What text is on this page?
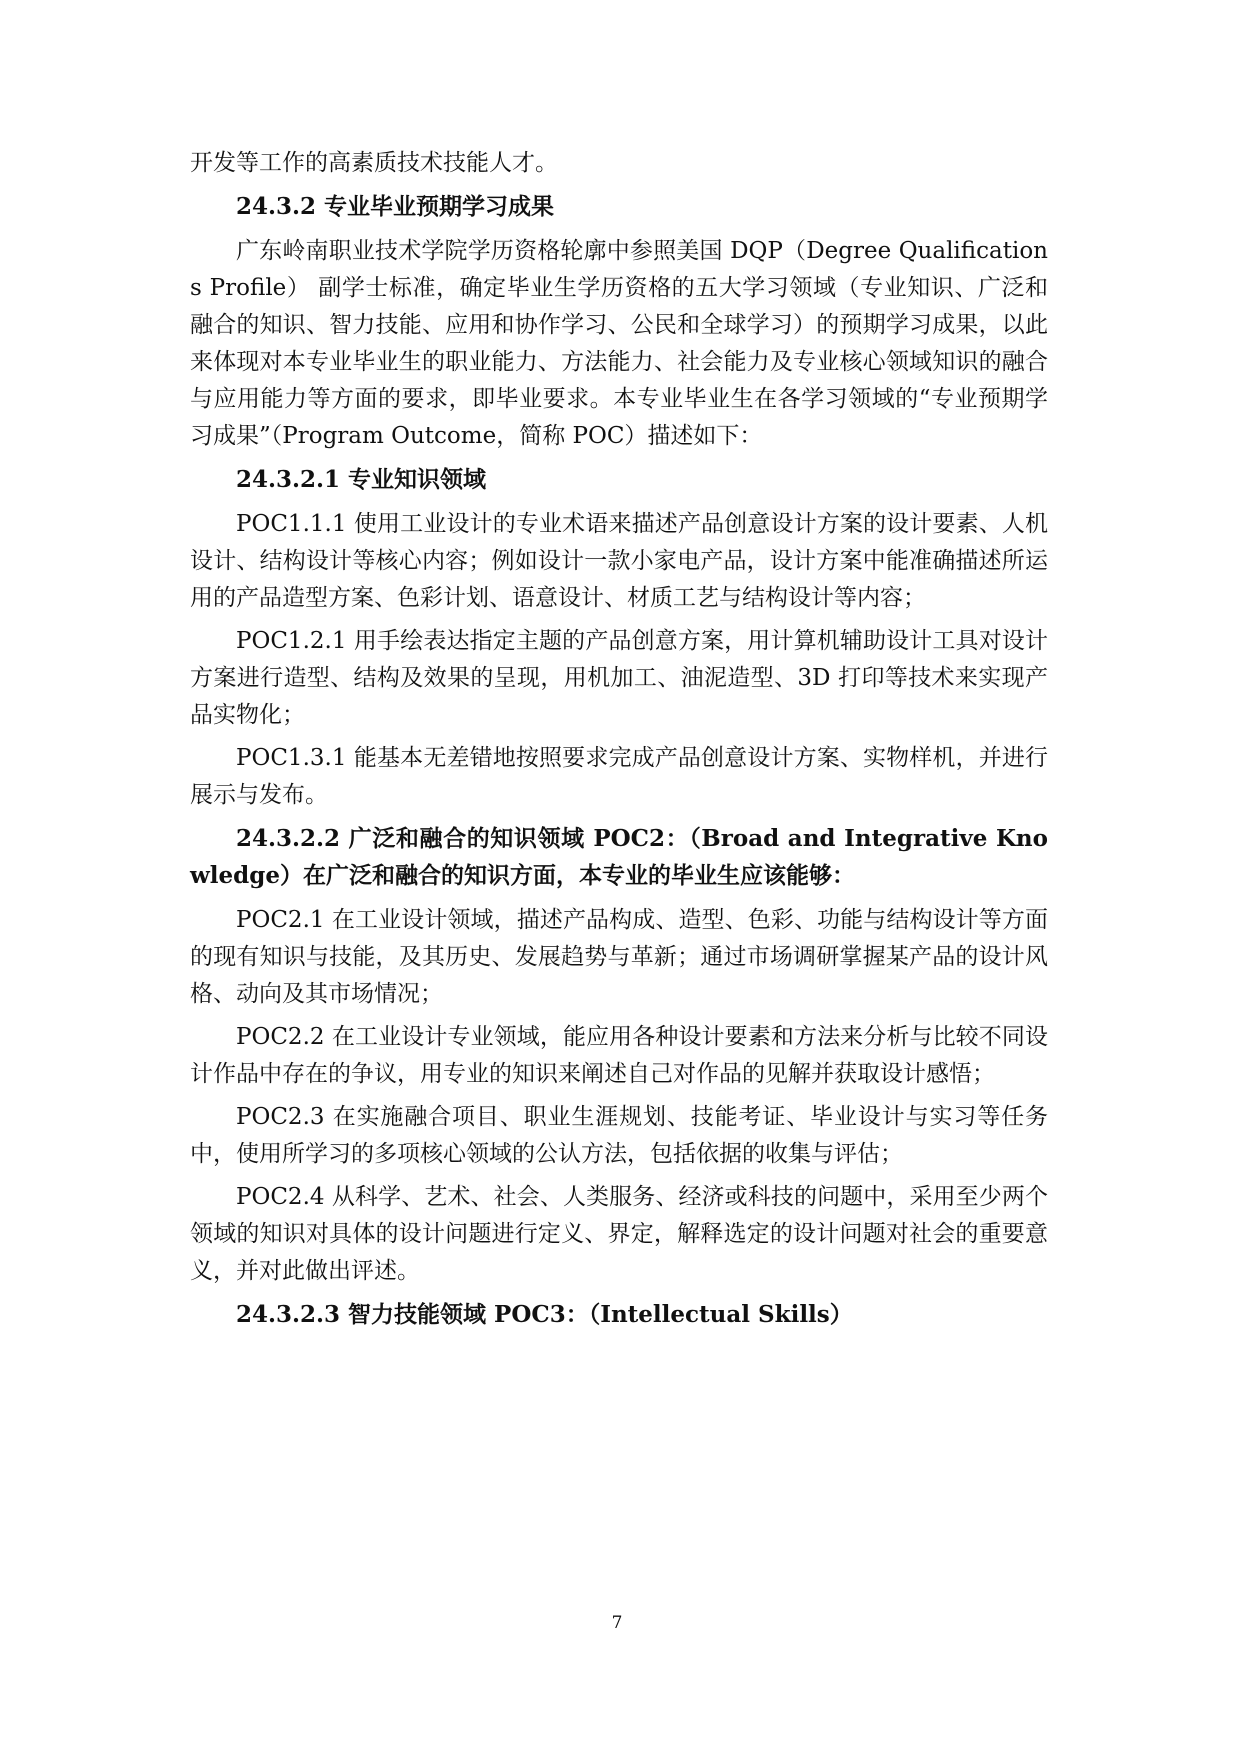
开发等工作的高素质技术技能人才。

24.3.2 专业毕业预期学习成果

广东岭南职业技术学院学历资格轮廓中参照美国 DQP（Degree Qualifications Profile） 副学士标准，确定毕业生学历资格的五大学习领域（专业知识、广泛和融合的知识、智力技能、应用和协作学习、公民和全球学习）的预期学习成果，以此来体现对本专业毕业生的职业能力、方法能力、社会能力及专业核心领域知识的融合与应用能力等方面的要求，即毕业要求。本专业毕业生在各学习领域的“专业预期学习成果”（Program Outcome，简称 POC）描述如下：

24.3.2.1 专业知识领域

POC1.1.1 使用工业设计的专业术语来描述产品创意设计方案的设计要素、人机设计、结构设计等核心内容；例如设计一款小家电产品，设计方案中能准确描述所运用的产品造型方案、色彩计划、语意设计、材质工艺与结构设计等内容；

POC1.2.1 用手绘表达指定主题的产品创意方案，用计算机辅助设计工具对设计方案进行造型、结构及效果的呈现，用机加工、油泥造型、3D 打印等技术来实现产品实物化；

POC1.3.1 能基本无差错地按照要求完成产品创意设计方案、实物样机，并进行展示与发布。

24.3.2.2 广泛和融合的知识领域 POC2：（Broad and Integrative Knowledge）在广泛和融合的知识方面，本专业的毕业生应该能够：

POC2.1 在工业设计领域，描述产品构成、造型、色彩、功能与结构设计等方面的现有知识与技能，及其历史、发展趋势与革新；通过市场调研掌握某产品的设计风格、动向及其市场情况；

POC2.2 在工业设计专业领域，能应用各种设计要素和方法来分析与比较不同设计作品中存在的争议，用专业的知识来阐述自己对作品的见解并获取设计感悟；

POC2.3 在实施融合项目、职业生涯规划、技能考证、毕业设计与实习等任务中，使用所学习的多项核心领域的公认方法，包括依据的收集与评估；

POC2.4 从科学、艺术、社会、人类服务、经济或科技的问题中，采用至少两个领域的知识对具体的设计问题进行定义、界定，解释选定的设计问题对社会的重要意义，并对此做出评述。

24.3.2.3 智力技能领域 POC3：（Intellectual Skills）

7
